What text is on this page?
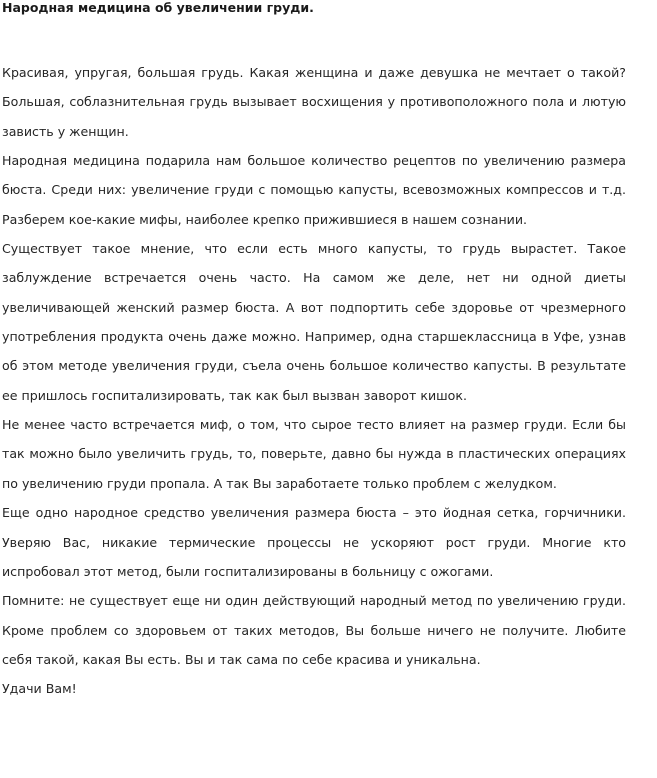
Народная медицина об увеличении груди.

Красивая, упругая, большая грудь. Какая женщина и даже девушка не мечтает о такой? Большая, соблазнительная грудь вызывает восхищения у противоположного пола и лютую зависть у женщин.

Народная медицина подарила нам большое количество рецептов по увеличению размера бюста. Среди них: увеличение груди с помощью капусты, всевозможных компрессов и т.д. Разберем кое-какие мифы, наиболее крепко прижившиеся в нашем сознании.

Существует такое мнение, что если есть много капусты, то грудь вырастет. Такое заблуждение встречается очень часто. На самом же деле, нет ни одной диеты увеличивающей женский размер бюста. А вот подпортить себе здоровье от чрезмерного употребления продукта очень даже можно. Например, одна старшеклассница в Уфе, узнав об этом методе увеличения груди, съела очень большое количество капусты. В результате ее пришлось госпитализировать, так как был вызван заворот кишок.

Не менее часто встречается миф, о том, что сырое тесто влияет на размер груди. Если бы так можно было увеличить грудь, то, поверьте, давно бы нужда в пластических операциях по увеличению груди пропала. А так Вы заработаете только проблем с желудком.

Еще одно народное средство увеличения размера бюста – это йодная сетка, горчичники. Уверяю Вас, никакие термические процессы не ускоряют рост груди. Многие кто испробовал этот метод, были госпитализированы в больницу с ожогами.

Помните: не существует еще ни один действующий народный метод по увеличению груди. Кроме проблем со здоровьем от таких методов, Вы больше ничего не получите. Любите себя такой, какая Вы есть. Вы и так сама по себе красива и уникальна.

Удачи Вам!
